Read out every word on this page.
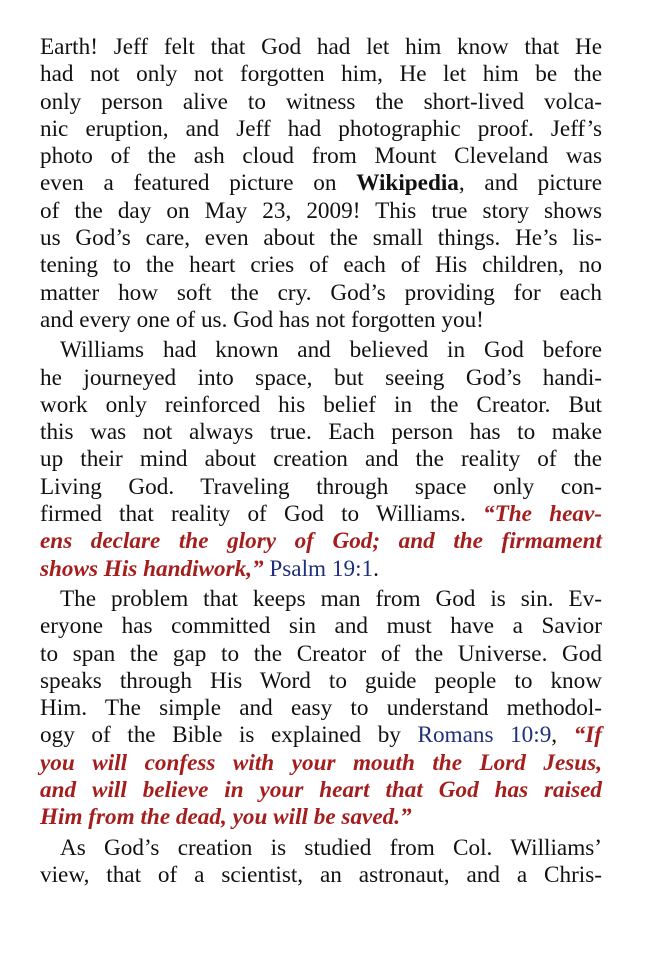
Earth! Jeff felt that God had let him know that He
had not only not forgotten him, He let him be the
only person alive to witness the short-lived volca-
nic eruption, and Jeff had photographic proof. Jeff’s
photo of the ash cloud from Mount Cleveland was
even a featured picture on Wikipedia, and picture
of the day on May 23, 2009! This true story shows
us God’s care, even about the small things. He’s lis-
tening to the heart cries of each of His children, no
matter how soft the cry. God’s providing for each
and every one of us. God has not forgotten you!

Williams had known and believed in God before
he journeyed into space, but seeing God’s handi-
work only reinforced his belief in the Creator. But
this was not always true. Each person has to make
up their mind about creation and the reality of the
Living God. Traveling through space only con-
firmed that reality of God to Williams. “The heav-
ens declare the glory of God; and the firmament
shows His handiwork,” Psalm 19:1.

The problem that keeps man from God is sin. Ev-
eryone has committed sin and must have a Savior
to span the gap to the Creator of the Universe. God
speaks through His Word to guide people to know
Him. The simple and easy to understand methodol-
ogy of the Bible is explained by Romans 10:9, “If
you will confess with your mouth the Lord Jesus,
and will believe in your heart that God has raised
Him from the dead, you will be saved.”

As God’s creation is studied from Col. Williams’
view, that of a scientist, an astronaut, and a Chris-
